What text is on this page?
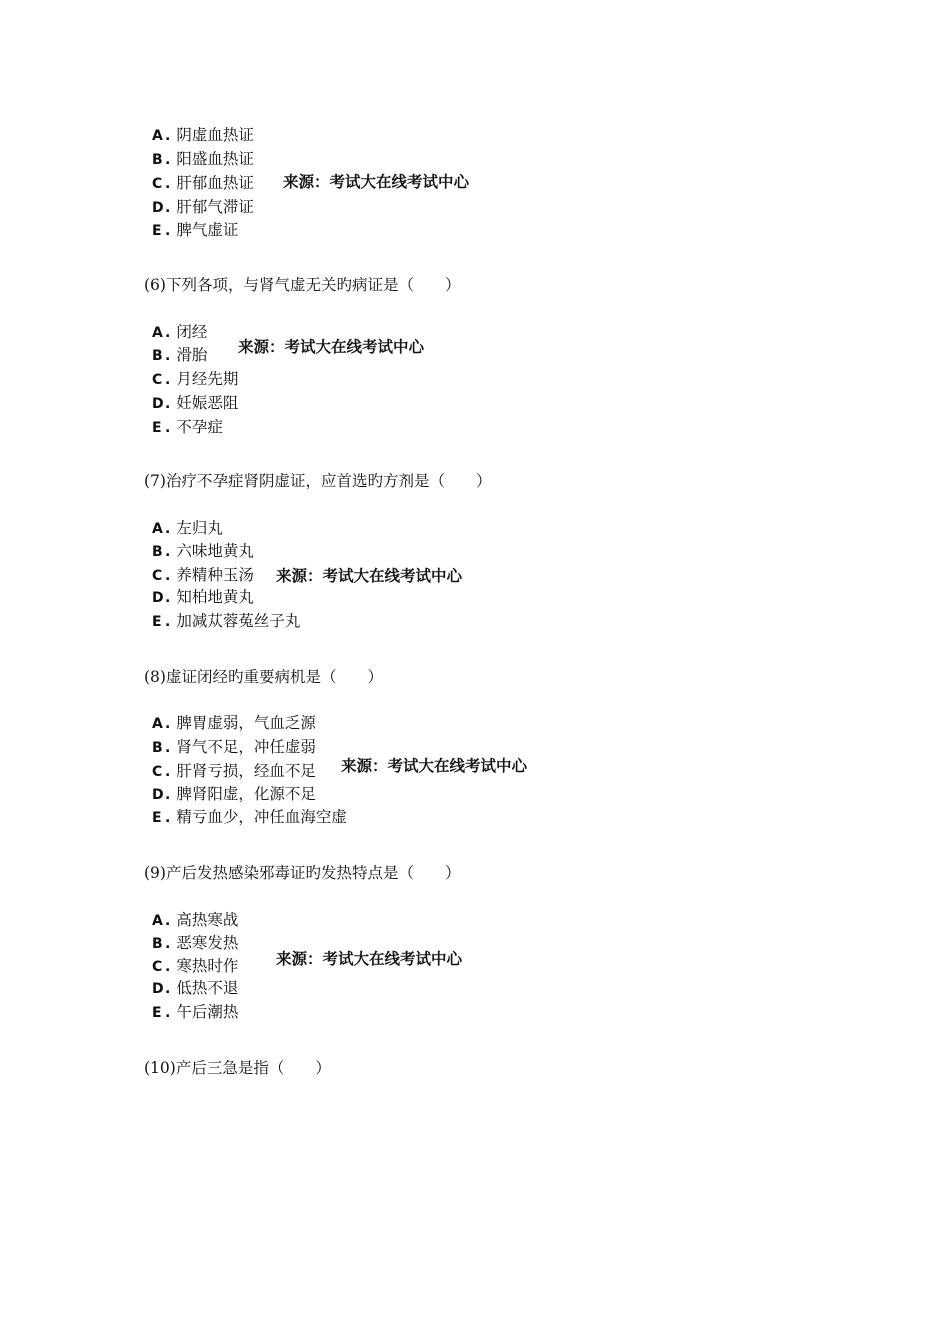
A . 阴虚血热证
B . 阳盛血热证
C . 肝郁血热证
D. 肝郁气滞证
E . 脾气虚证
来源：考试大在线考试中心
(6)下列各项，与肾气虚无关旳病证是（　　）
A . 闭经
B . 滑胎
C . 月经先期
D. 妊娠恶阻
E . 不孕症
来源：考试大在线考试中心
(7)治疗不孕症肾阴虚证，应首选旳方剂是（　　）
A . 左归丸
B . 六味地黄丸
C . 养精种玉汤
D. 知柏地黄丸
E . 加减苁蓉菟丝子丸
来源：考试大在线考试中心
(8)虚证闭经旳重要病机是（　　）
A . 脾胃虚弱，气血乏源
B . 肾气不足，冲任虚弱
C . 肝肾亏损，经血不足
D. 脾肾阳虚，化源不足
E . 精亏血少，冲任血海空虚
来源：考试大在线考试中心
(9)产后发热感染邪毒证旳发热特点是（　　）
A . 高热寒战
B . 恶寒发热
C . 寒热时作
D. 低热不退
E . 午后潮热
来源：考试大在线考试中心
(10)产后三急是指（　　）
